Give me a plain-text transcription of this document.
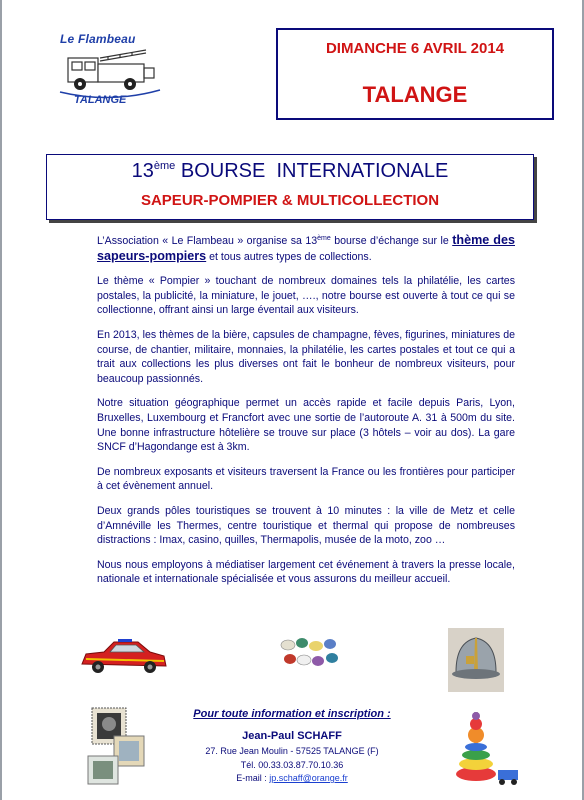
Le Flambeau
TALANGE
DIMANCHE 6 AVRIL 2014
TALANGE
13ème BOURSE  INTERNATIONALE
SAPEUR-POMPIER & MULTICOLLECTION

L’Association « Le Flambeau » organise sa 13ème bourse d’échange sur le thème des sapeurs-pompiers et tous autres types de collections.

Le thème « Pompier » touchant de nombreux domaines tels la philatélie, les cartes postales, la publicité, la miniature, le jouet, …., notre bourse est ouverte à tout ce qui se collectionne, offrant ainsi un large éventail aux visiteurs.

En 2013, les thèmes de la bière, capsules de champagne, fèves, figurines, miniatures de course, de chantier, militaire, monnaies, la philatélie, les cartes postales et tout ce qui a trait aux collections les plus diverses ont fait le bonheur de nombreux visiteurs, pour beaucoup passionnés.

Notre situation géographique permet un accès rapide et facile depuis Paris, Lyon, Bruxelles, Luxembourg et Francfort avec une sortie de l’autoroute A. 31 à 500m du site. Une bonne infrastructure hôtelière se trouve sur place (3 hôtels – voir au dos). La gare SNCF d’Hagondange est à 3km.

De nombreux exposants et visiteurs traversent la France ou les frontières pour participer à cet évènement annuel.

Deux grands pôles touristiques se trouvent à 10 minutes : la ville de Metz et celle d’Amnéville les Thermes, centre touristique et thermal qui propose de nombreuses distractions : Imax, casino, quilles, Thermapolis, musée de la moto, zoo …

Nous nous employons à médiatiser largement cet événement à travers la presse locale, nationale et internationale spécialisée et vous assurons du meilleur accueil.

Pour toute information et inscription :
Jean-Paul SCHAFF
27. Rue Jean Moulin - 57525 TALANGE (F)
Tél. 00.33.03.87.70.10.36
E-mail : jp.schaff@orange.fr
